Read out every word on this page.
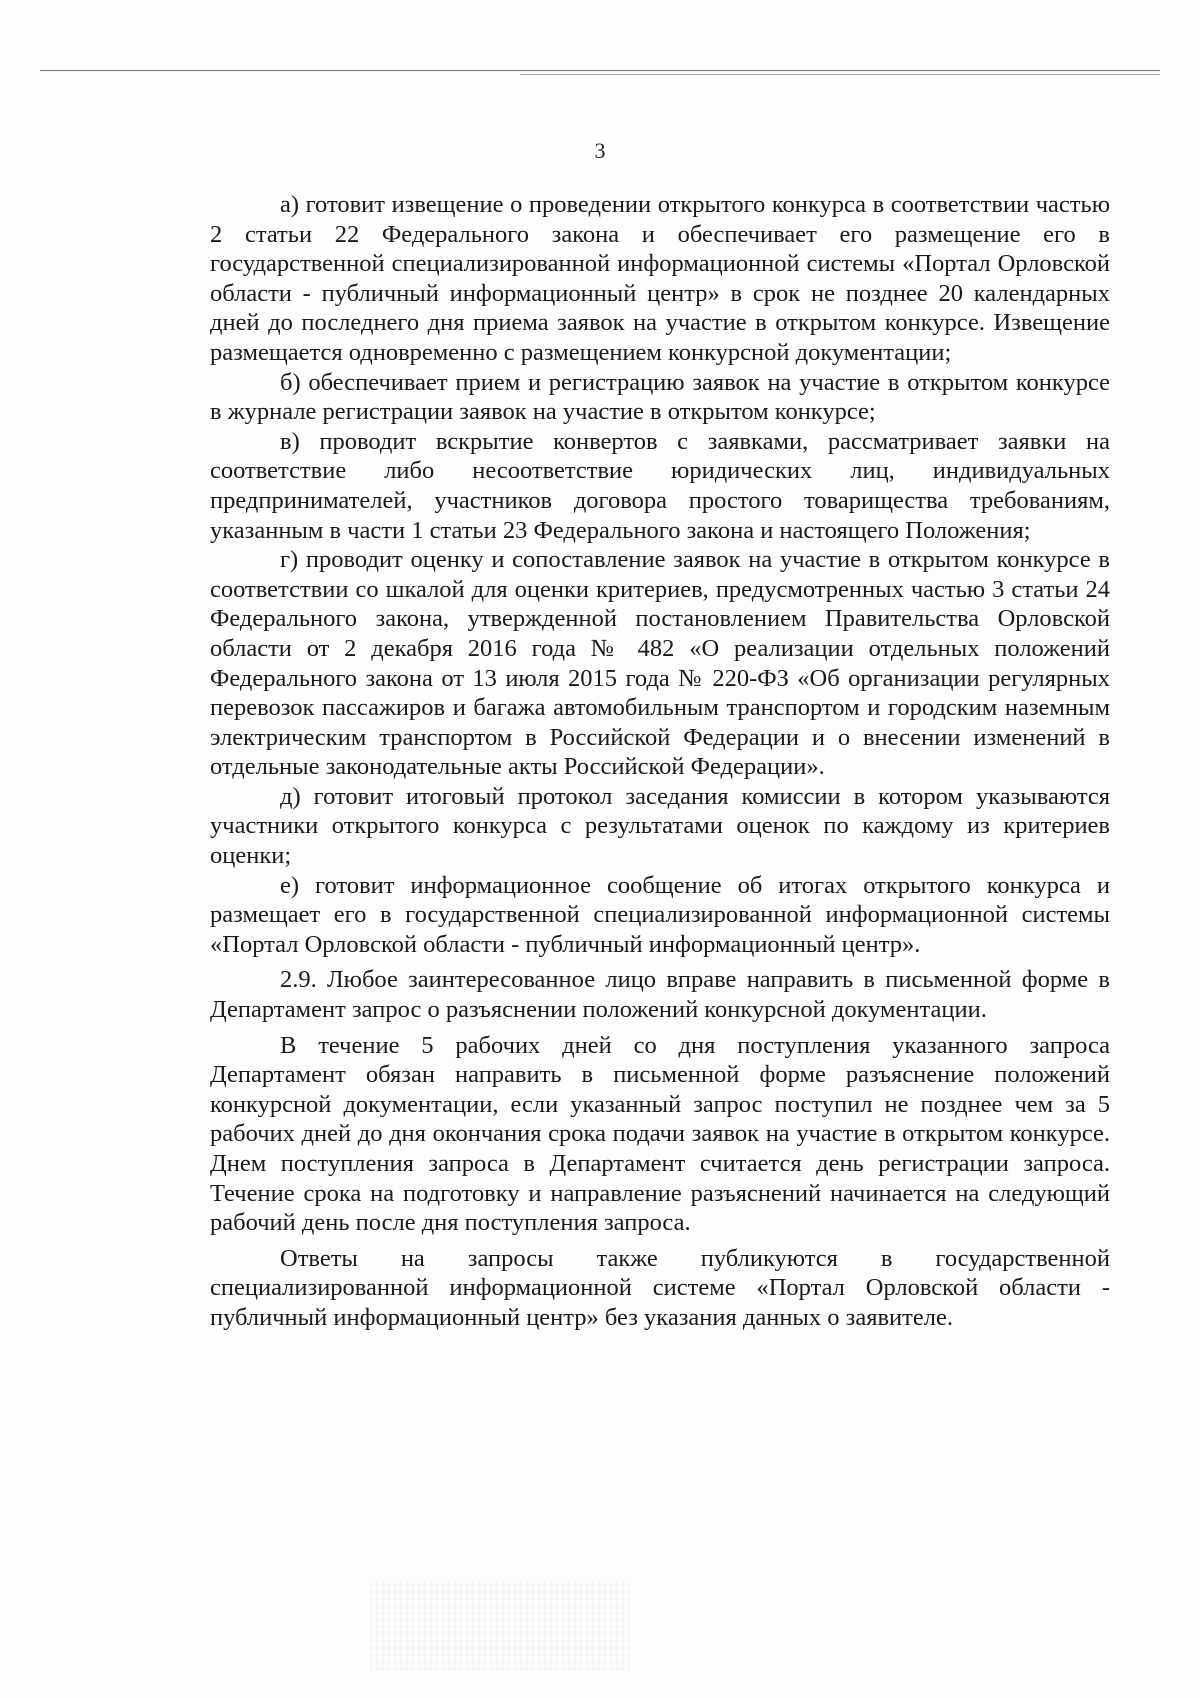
3

а) готовит извещение о проведении открытого конкурса в соответствии частью 2 статьи 22 Федерального закона и обеспечивает его размещение его в государственной специализированной информационной системы «Портал Орловской области - публичный информационный центр» в срок не позднее 20 календарных дней до последнего дня приема заявок на участие в открытом конкурсе. Извещение размещается одновременно с размещением конкурсной документации;

б) обеспечивает прием и регистрацию заявок на участие в открытом конкурсе в журнале регистрации заявок на участие в открытом конкурсе;

в) проводит вскрытие конвертов с заявками, рассматривает заявки на соответствие либо несоответствие юридических лиц, индивидуальных предпринимателей, участников договора простого товарищества требованиям, указанным в части 1 статьи 23 Федерального закона и настоящего Положения;

г) проводит оценку и сопоставление заявок на участие в открытом конкурсе в соответствии со шкалой для оценки критериев, предусмотренных частью 3 статьи 24 Федерального закона, утвержденной постановлением Правительства Орловской области от 2 декабря 2016 года № 482 «О реализации отдельных положений Федерального закона от 13 июля 2015 года № 220-ФЗ «Об организации регулярных перевозок пассажиров и багажа автомобильным транспортом и городским наземным электрическим транспортом в Российской Федерации и о внесении изменений в отдельные законодательные акты Российской Федерации».

д) готовит итоговый протокол заседания комиссии в котором указываются участники открытого конкурса с результатами оценок по каждому из критериев оценки;

е) готовит информационное сообщение об итогах открытого конкурса и размещает его в государственной специализированной информационной системы «Портал Орловской области - публичный информационный центр».

2.9. Любое заинтересованное лицо вправе направить в письменной форме в Департамент запрос о разъяснении положений конкурсной документации.

В течение 5 рабочих дней со дня поступления указанного запроса Департамент обязан направить в письменной форме разъяснение положений конкурсной документации, если указанный запрос поступил не позднее чем за 5 рабочих дней до дня окончания срока подачи заявок на участие в открытом конкурсе. Днем поступления запроса в Департамент считается день регистрации запроса. Течение срока на подготовку и направление разъяснений начинается на следующий рабочий день после дня поступления запроса.

Ответы на запросы также публикуются в государственной специализированной информационной системе «Портал Орловской области - публичный информационный центр» без указания данных о заявителе.
